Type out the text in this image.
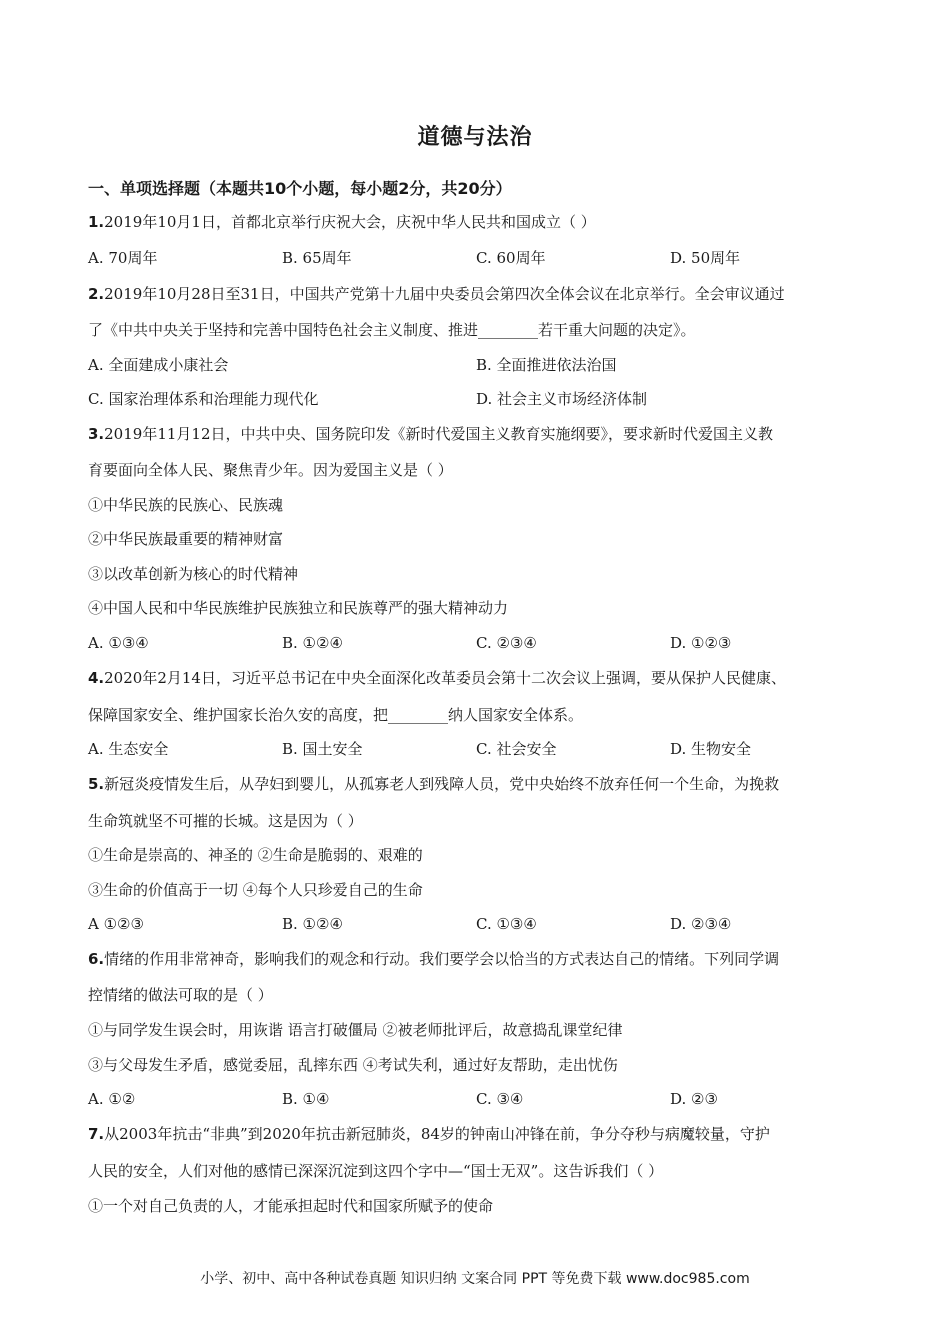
道德与法治
一、单项选择题（本题共10个小题，每小题2分，共20分）
1.2019年10月1日，首都北京举行庆祝大会，庆祝中华人民共和国成立（ ）
A. 70周年	B. 65周年	C. 60周年	D. 50周年
2.2019年10月28日至31日，中国共产党第十九届中央委员会第四次全体会议在北京举行。全会审议通过
了《中共中央关于坚持和完善中国特色社会主义制度、推进________若干重大问题的决定》。
A. 全面建成小康社会	B. 全面推进依法治国
C. 国家治理体系和治理能力现代化	D. 社会主义市场经济体制
3.2019年11月12日，中共中央、国务院印发《新时代爱国主义教育实施纲要》，要求新时代爱国主义教
育要面向全体人民、聚焦青少年。因为爱国主义是（ ）
①中华民族的民族心、民族魂
②中华民族最重要的精神财富
③以改革创新为核心的时代精神
④中国人民和中华民族维护民族独立和民族尊严的强大精神动力
A. ①③④	B. ①②④	C. ②③④	D. ①②③
4.2020年2月14日，习近平总书记在中央全面深化改革委员会第十二次会议上强调，要从保护人民健康、
保障国家安全、维护国家长治久安的高度，把________纳人国家安全体系。
A. 生态安全	B. 国土安全	C. 社会安全	D. 生物安全
5.新冠炎疫情发生后，从孕妇到婴儿，从孤寡老人到残障人员，党中央始终不放弃任何一个生命，为挽救
生命筑就坚不可摧的长城。这是因为（ ）
①生命是崇高的、神圣的 ②生命是脆弱的、艰难的
③生命的价值高于一切 ④每个人只珍爱自己的生命
A ①②③	B. ①②④	C. ①③④	D. ②③④
6.情绪的作用非常神奇，影响我们的观念和行动。我们要学会以恰当的方式表达自己的情绪。下列同学调
控情绪的做法可取的是（ ）
①与同学发生误会时，用诙谐 语言打破僵局 ②被老师批评后，故意捣乱课堂纪律
③与父母发生矛盾，感觉委屈，乱摔东西 ④考试失利，通过好友帮助，走出忧伤
A. ①②	B. ①④	C. ③④	D. ②③
7.从2003年抗击“非典”到2020年抗击新冠肺炎，84岁的钟南山冲锋在前，争分夺秒与病魔较量，守护
人民的安全，人们对他的感情已深深沉淀到这四个字中—“国士无双”。这告诉我们（ ）
①一个对自己负责的人，才能承担起时代和国家所赋予的使命
小学、初中、高中各种试卷真题 知识归纳 文案合同 PPT 等免费下载 www.doc985.com
